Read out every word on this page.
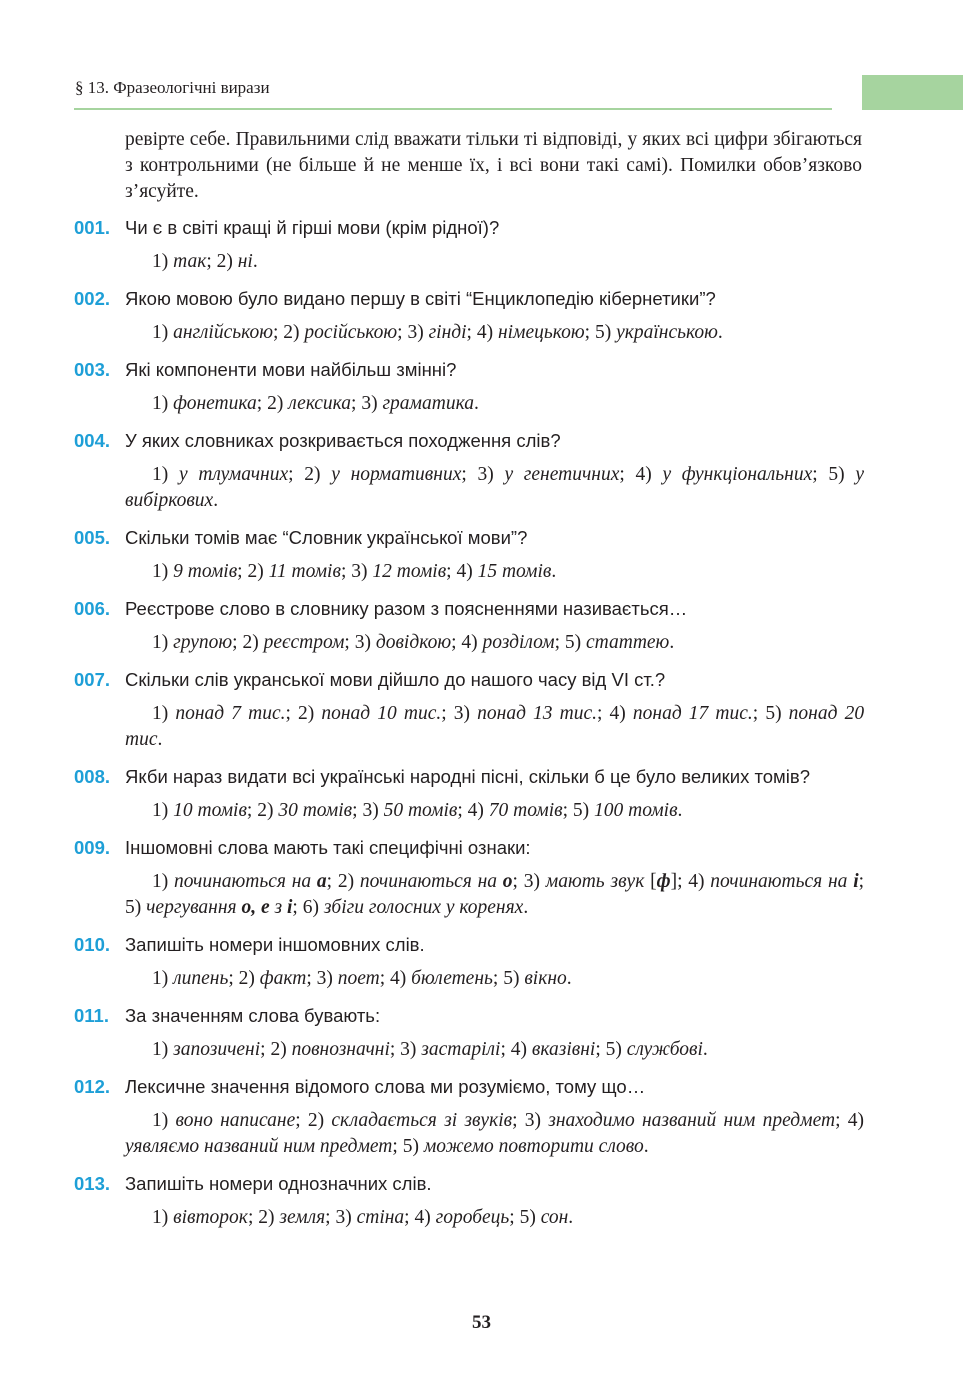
§ 13. Фразеологічні вирази
ревірте себе. Правильними слід вважати тільки ті відповіді, у яких всі цифри збігаються з контрольними (не більше й не менше їх, і всі вони такі самі). Помилки обов’язково з’ясуйте.
001. Чи є в світі кращі й гірші мови (крім рідної)?
1) так; 2) ні.
002. Якою мовою було видано першу в світі “Енциклопедію кібернетики”?
1) англійською; 2) російською; 3) гінді; 4) німецькою; 5) українською.
003. Які компоненти мови найбільш змінні?
1) фонетика; 2) лексика; 3) граматика.
004. У яких словниках розкривається походження слів?
1) у тлумачних; 2) у нормативних; 3) у генетичних; 4) у функціональних; 5) у вибіркових.
005. Скільки томів має “Словник українськoї мови”?
1) 9 томів; 2) 11 томів; 3) 12 томів; 4) 15 томів.
006. Реєстрове слово в словнику разом з поясненнями називається…
1) групою; 2) реєстром; 3) довідкою; 4) розділом; 5) статтею.
007. Скільки слів укранської мови дійшло до нашого часу від VI ст.?
1) понад 7 тис.; 2) понад 10 тис.; 3) понад 13 тис.; 4) понад 17 тис.; 5) понад 20 тис.
008. Якби нараз видати всі українські народні пісні, скільки б це було великих томів?
1) 10 томів; 2) 30 томів; 3) 50 томів; 4) 70 томів; 5) 100 томів.
009. Іншомовні слова мають такі специфічні ознаки:
1) починаються на а; 2) починаються на о; 3) мають звук [ф]; 4) починаються на і; 5) чергування о, е з і; 6) збіги голосних у коренях.
010. Запишіть номери іншомовних слів.
1) липень; 2) факт; 3) поет; 4) бюлетень; 5) вікно.
011. За значенням слова бувають:
1) запозичені; 2) повнозначні; 3) застарілі; 4) вказівні; 5) службові.
012. Лексичне значення відомого слова ми розуміємо, тому що…
1) воно написане; 2) складається зі звуків; 3) знаходимо названий ним предмет; 4) уявляємо названий ним предмет; 5) можемо повторити слово.
013. Запишіть номери однозначних слів.
1) вівторок; 2) земля; 3) стіна; 4) горобець; 5) сон.
53
